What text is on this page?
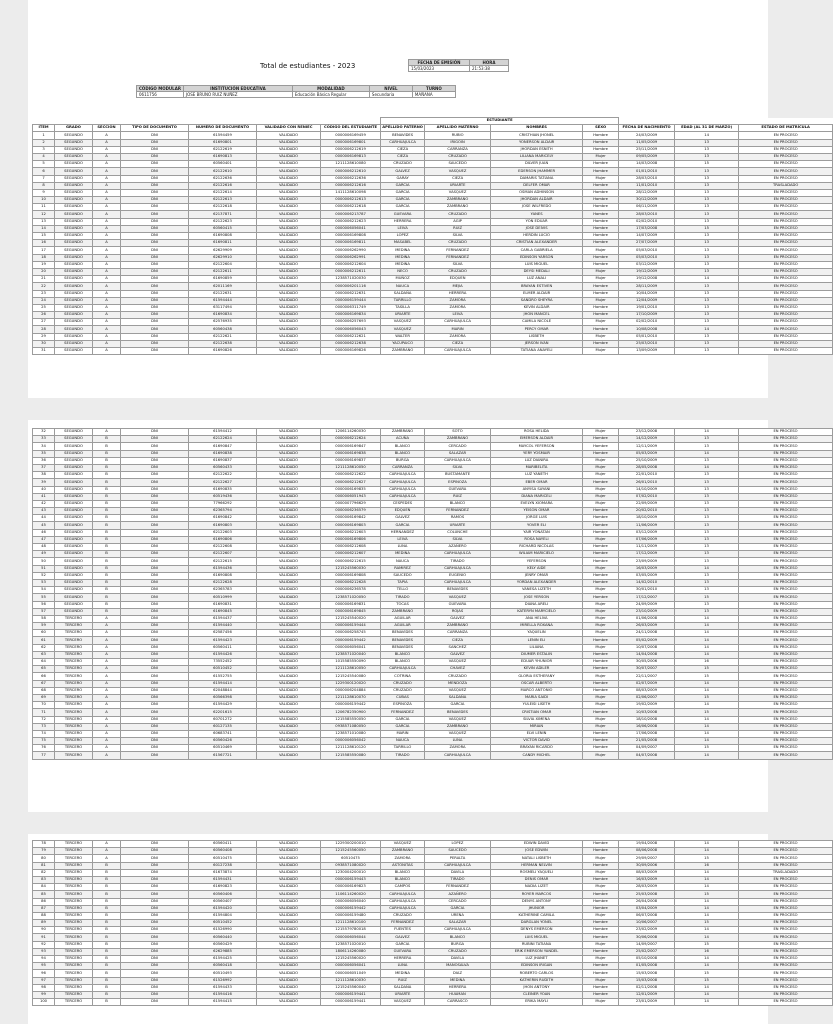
Total de estudiantes - 2023	FECHA DE EMISIÓN	HORA
15/03/2023	21:53:38
CÓDIGO MODULAR	INSTITUCIÓN EDUCATIVA	MODALIDAD	NIVEL	TURNO
0611756	JOSE BRUNO RUIZ NUÑEZ	Educación Básica Regular	Secundaria	MAÑANA
							ESTUDIANTE						
ITEM	GRADO	SECCIÓN	TIPO DE DOCUMENTO	NÚMERO DE DOCUMENTO	VALIDADO CON RENIEC	CÓDIGO DEL ESTUDIANTE	APELLIDO PATERNO	APELLIDO MATERNO	NOMBRES	SEXO	FECHA DE NACIMIENTO	EDAD (AL 31 DE MARZO)	ESTADO DE MATRÍCULA
1	SEGUNDO	A	DNI	61594459	VALIDADO	0000006169459	BENAVIDES	RUBIO	CRISTHIAN JHONEL	Hombre	24/03/2009	14	EN PROCESO
2	SEGUNDO	A	DNI	61690801	VALIDADO	0000006169801	CARHUAJULCA	IRIGOIN	YONERSON ALDAIR	Hombre	11/05/2009	13	EN PROCESO
3	SEGUNDO	A	DNI	62122619	VALIDADO	0000006212619	CIEZA	CARRANZA	JHORDAN ESNITH	Hombre	25/11/2009	13	EN PROCESO
4	SEGUNDO	A	DNI	61690813	VALIDADO	0000006169813	CIEZA	CRUZADO	LILIANA MARICELY	Mujer	09/05/2009	13	EN PROCESO
5	SEGUNDO	A	DNI	60560401	VALIDADO	1211128610080	CRUZADO	SAUCEDO	DILVER JUAN	Hombre	14/03/2008	15	EN PROCESO
6	SEGUNDO	A	DNI	62122610	VALIDADO	0000006212610	GALVEZ	VASQUEZ	EDERSON JHAMMER	Hombre	01/01/2010	13	EN PROCESO
7	SEGUNDO	A	DNI	62122636	VALIDADO	0000006212636	GARAY	CIEZA	DAMARIS TATIANA	Mujer	28/03/2010	13	EN PROCESO
8	SEGUNDO	A	DNI	62122616	VALIDADO	0000006212616	GARCIA	URIARTE	DELFER OMAR	Hombre	11/01/2010	13	TRASLADADO
9	SEGUNDO	A	DNI	62122614	VALIDADO	1411128610098	GARCIA	VASQUEZ	OSMAN ADHINSON	Hombre	28/12/2009	13	EN PROCESO
10	SEGUNDO	A	DNI	62122613	VALIDADO	0000006212613	GARCIA	ZAMBRANO	JHORDAN ALDAIR	Hombre	30/12/2009	13	EN PROCESO
11	SEGUNDO	A	DNI	62122618	VALIDADO	0000006212618	GARCIA	ZAMBRANO	JOSE WILFREDO	Hombre	06/11/2009	13	EN PROCESO
12	SEGUNDO	A	DNI	62137871	VALIDADO	0000006213787	GUEVARA	CRUZADO	YANES	Hombre	28/03/2010	13	EN PROCESO
13	SEGUNDO	A	DNI	62122623	VALIDADO	0000006212623	HERRERA	AGIP	YON EDUAR	Hombre	02/02/2010	13	EN PROCESO
14	SEGUNDO	A	DNI	60560415	VALIDADO	0000006056041	LEIVA	RUIZ	JOSE DEIVIS	Hombre	17/03/2008	15	EN PROCESO
15	SEGUNDO	A	DNI	61690808	VALIDADO	0000006169808	LOPEZ	SILVA	HERDIN LUCIO	Hombre	14/07/2009	13	EN PROCESO
16	SEGUNDO	A	DNI	61690811	VALIDADO	0000006169811	MASABEL	CRUZADO	CRISTIAN ALEXANDER	Hombre	27/07/2009	13	EN PROCESO
17	SEGUNDO	A	DNI	62629909	VALIDADO	0000006262990	MEDINA	FERNANDEZ	CARLA GABRIELA	Mujer	05/03/2010	13	EN PROCESO
18	SEGUNDO	A	DNI	62629910	VALIDADO	0000006262991	MEDINA	FERNANDEZ	EDINSON YARSON	Hombre	05/03/2010	13	EN PROCESO
19	SEGUNDO	A	DNI	62122604	VALIDADO	0000006212604	MEDINA	SILVA	LUIS MIGUEL	Hombre	03/12/2009	13	EN PROCESO
20	SEGUNDO	A	DNI	62122611	VALIDADO	0000006212611	NECO	CRUZADO	DEYSI MEDALI	Mujer	19/12/2009	13	EN PROCESO
21	SEGUNDO	A	DNI	61690859	VALIDADO	1238571020030	MUÑOZ	EDQUEN	LUZ ANALI	Mujer	19/12/2008	14	EN PROCESO
22	SEGUNDO	A	DNI	62011169	VALIDADO	0000006201116	NAUCA	MEJIA	BRAYAN ESTIVEN	Hombre	28/11/2009	13	EN PROCESO
23	SEGUNDO	A	DNI	62122631	VALIDADO	0000006212631	SALDAÑA	HERRERA	ELMER ALDAIR	Hombre	10/04/2009	13	EN PROCESO
24	SEGUNDO	A	DNI	61594444	VALIDADO	0000006159444	TARRILLO	ZAMORA	SANDRO SHEYRA	Mujer	12/04/2009	13	EN PROCESO
25	SEGUNDO	A	DNI	63117494	VALIDADO	0000006311749	TASILLA	ZAMORA	KEVIN ALDAIR	Hombre	19/01/2010	13	EN PROCESO
26	SEGUNDO	A	DNI	61690834	VALIDADO	0000006169834	URIARTE	LEIVA	JHON MANCEL	Hombre	17/10/2009	13	EN PROCESO
27	SEGUNDO	A	DNI	62576935	VALIDADO	0000006257693	VASQUEZ	CARHUAJULCA	CAMILA NICOLE	Mujer	02/02/2010	13	EN PROCESO
28	SEGUNDO	A	DNI	60560438	VALIDADO	0000006056043	VASQUEZ	MARIN	PERCY OMAR	Hombre	10/08/2008	14	EN PROCESO
29	SEGUNDO	A	DNI	62122621	VALIDADO	0000006212621	WALTER	ZAMORA	LISBETH	Mujer	05/01/2010	13	EN PROCESO
30	SEGUNDO	A	DNI	62122638	VALIDADO	0000006212638	YACUPAICO	CIEZA	JERSON IVAN	Hombre	25/03/2010	13	EN PROCESO
31	SEGUNDO	A	DNI	61690826	VALIDADO	0000006169826	ZAMBRANO	CARHUAJULCA	TATIANA ANAYELI	Mujer	13/09/2009	13	EN PROCESO
32	SEGUNDO	A	DNI	61594412	VALIDADO	1206114260030	ZAMBRANO	SOTO	ROSA HELIDA	Mujer	23/12/2008	14	EN PROCESO
33	SEGUNDO	B	DNI	62122624	VALIDADO	0000006212624	ACUÑA	ZAMBRANO	EMERSON ALDAIR	Hombre	14/12/2009	13	EN PROCESO
34	SEGUNDO	B	DNI	61690847	VALIDADO	0000006169847	BLANCO	CERCADO	MAYCOL YEFERSON	Hombre	12/11/2009	13	EN PROCESO
35	SEGUNDO	B	DNI	61690838	VALIDADO	0000006169838	BLANCO	SALAZAR	YERY YOSMAIR	Hombre	05/03/2009	14	EN PROCESO
36	SEGUNDO	B	DNI	61690837	VALIDADO	0000006169837	BURGA	CARHUAJULCA	LUZ DIANIRA	Mujer	25/10/2009	13	EN PROCESO
37	SEGUNDO	B	DNI	60560433	VALIDADO	1211128610050	CARRANZA	SILVA	MARIBELITA	Mujer	28/05/2008	14	EN PROCESO
38	SEGUNDO	B	DNI	62122622	VALIDADO	0000006212622	CARHUAJULCA	BUSTAMANTE	LUZ YANETH	Mujer	22/01/2010	13	EN PROCESO
39	SEGUNDO	B	DNI	62122627	VALIDADO	0000006212627	CARHUAJULCA	ESPINOZA	EBER OMAR	Hombre	26/01/2010	13	EN PROCESO
40	SEGUNDO	B	DNI	61690835	VALIDADO	0000006169835	CARHUAJULCA	GUEVARA	ANYISA SAYANI	Mujer	14/10/2009	13	EN PROCESO
41	SEGUNDO	B	DNI	60519436	VALIDADO	0000006051943	CARHUAJULCA	RUIZ	DIANA MARICELI	Mujer	07/02/2010	13	EN PROCESO
42	SEGUNDO	B	DNI	77966292	VALIDADO	0000007796629	CESPEDES	BLANCO	EVELYN XIOMARA	Mujer	22/09/2009	13	EN PROCESO
43	SEGUNDO	B	DNI	62365794	VALIDADO	0000006236579	EDQUEN	FERNANDEZ	YEISON OMAR	Hombre	20/02/2010	13	EN PROCESO
44	SEGUNDO	B	DNI	61690842	VALIDADO	0000006169842	GALVEZ	RAMOS	JORGE LUIS	Hombre	18/10/2009	13	EN PROCESO
45	SEGUNDO	B	DNI	61690803	VALIDADO	0000006169803	GARCIA	URIARTE	YOVER ELI	Hombre	11/06/2009	13	EN PROCESO
46	SEGUNDO	B	DNI	62122603	VALIDADO	0000006212603	HERNANDEZ	COLUNCHE	YAIR YONATAN	Hombre	03/12/2009	13	EN PROCESO
47	SEGUNDO	B	DNI	61690806	VALIDADO	0000006169806	LEIVA	SILVA	ROSA NAYELI	Mujer	07/06/2009	13	EN PROCESO
48	SEGUNDO	B	DNI	62122608	VALIDADO	0000006212608	LUNA	AZAÑERO	RICHARD NICOLAS	Hombre	11/11/2009	13	EN PROCESO
49	SEGUNDO	B	DNI	62122607	VALIDADO	0000006212607	MEDINA	CARHUAJULCA	WILIAM MARICIELO	Hombre	17/12/2009	13	EN PROCESO
50	SEGUNDO	B	DNI	62122615	VALIDADO	0000006212615	NAUCA	TIRADO	YEFERSON	Hombre	23/09/2009	13	EN PROCESO
51	SEGUNDO	B	DNI	61594436	VALIDADO	1215245560030	RAMIREZ	CARHUAJULCA	KELY AIDE	Mujer	16/03/2009	14	EN PROCESO
52	SEGUNDO	B	DNI	61690808	VALIDADO	0000006169808	SAUCEDO	EUGENIO	JENRY OMAR	Hombre	03/05/2009	13	EN PROCESO
53	SEGUNDO	B	DNI	62122628	VALIDADO	0000006212628	TAPIA	CARHUAJULCA	YORDAN ALEXANDER	Hombre	14/02/2010	13	EN PROCESO
54	SEGUNDO	B	DNI	62365783	VALIDADO	0000006236578	TELLO	BENAVIDES	VANESA LIZETH	Mujer	30/01/2010	13	EN PROCESO
55	SEGUNDO	B	DNI	60510999	VALIDADO	1238571020050	TIRADO	VASQUEZ	JOSE YERSON	Hombre	17/12/2007	15	EN PROCESO
56	SEGUNDO	B	DNI	61690831	VALIDADO	0000006169831	TOCAS	GUEVARA	DIANA ARELI	Mujer	24/09/2009	13	EN PROCESO
57	SEGUNDO	B	DNI	61690845	VALIDADO	0000006169845	ZAMBRANO	ROJAS	KATERYN MARYCIELO	Mujer	23/10/2009	13	EN PROCESO
58	TERCERO	A	DNI	61594437	VALIDADO	1215245540020	AGUILAR	GALVEZ	ANA HELIVA	Mujer	01/06/2008	14	EN PROCESO
59	TERCERO	A	DNI	61594440	VALIDADO	0000006159444	AGUILAR	ZAMBRANO	MIRELLA ROXANA	Mujer	26/03/2009	14	EN PROCESO
60	TERCERO	A	DNI	62587456	VALIDADO	0000006258745	BENAVIDES	CARRANZA	YAQUELIN	Mujer	24/11/2008	14	EN PROCESO
61	TERCERO	A	DNI	61594423	VALIDADO	0000006159442	BENAVIDES	CIEZA	LENIN ELI	Hombre	05/02/2009	14	EN PROCESO
62	TERCERO	A	DNI	60560411	VALIDADO	0000006056041	BENAVIDES	SANCHEZ	LILIANA	Mujer	10/07/2008	14	EN PROCESO
63	TERCERO	A	DNI	61594426	VALIDADO	1238571020040	BLANCO	GALVEZ	DIUMER ESTALIN	Hombre	14/04/2008	14	EN PROCESO
64	TERCERO	A	DNI	73552452	VALIDADO	1015585550090	BLANCO	VASQUEZ	EDUAR YHUNIOR	Hombre	30/05/2006	16	EN PROCESO
65	TERCERO	A	DNI	60510452	VALIDADO	1211128610050	CARHUAJULCA	CHAVEZ	KEVIN ADILER	Hombre	30/07/2007	15	EN PROCESO
66	TERCERO	A	DNI	61552755	VALIDADO	1215245540080	COTRINA	CRUZADO	GLORIA ESTHEFANY	Mujer	22/11/2007	15	EN PROCESO
67	TERCERO	A	DNI	61594414	VALIDADO	1229300120020	CRUZADO	MENDOZA	OSCAR ALBERTO	Hombre	02/07/2009	14	EN PROCESO
68	TERCERO	A	DNI	62048844	VALIDADO	0000006204884	CRUZADO	VASQUEZ	MARCO ANTONIO	Hombre	08/03/2009	14	EN PROCESO
69	TERCERO	A	DNI	60566398	VALIDADO	1211128610070	CUBAS	SALDAÑA	MARIA SAIDI	Mujer	02/06/2007	15	EN PROCESO
70	TERCERO	A	DNI	61594429	VALIDADO	0000006159442	ESPINOZA	GARCIA	YULEISI LISETH	Mujer	19/02/2009	14	EN PROCESO
71	TERCERO	A	DNI	62201615	VALIDADO	1206782350900	FERNANDEZ	BENAVIDES	CRISTIAN OMAR	Hombre	10/03/2008	15	EN PROCESO
72	TERCERO	A	DNI	60701272	VALIDADO	1215585550050	GARCIA	VASQUEZ	SILVIA XIMENA	Mujer	18/10/2008	14	EN PROCESO
73	TERCERO	A	DNI	60127135	VALIDADO	0938571080050	GARCIA	ZAMBRANO	MIRIAN	Mujer	16/06/2008	14	EN PROCESO
74	TERCERO	A	DNI	60683741	VALIDADO	1238571010080	MARIN	VASQUEZ	ELVI LENIN	Hombre	17/06/2008	14	EN PROCESO
75	TERCERO	A	DNI	60560426	VALIDADO	0000006056042	NAUCA	LUNA	VICTOR DAVID	Hombre	21/05/2008	14	EN PROCESO
76	TERCERO	A	DNI	60510469	VALIDADO	1211128610120	TARRILLO	ZAMORA	BRAYAN RICARDO	Hombre	04/09/2007	15	EN PROCESO
77	TERCERO	A	DNI	61567721	VALIDADO	1215585550080	TIRADO	CARHUAJULCA	CANDY MICHEL	Mujer	04/07/2008	14	EN PROCESO
78	TERCERO	A	DNI	60560411	VALIDADO	1229300200010	VASQUEZ	LOPEZ	EDWIN DAVID	Hombre	19/04/2008	14	EN PROCESO
79	TERCERO	A	DNI	60560408	VALIDADO	1215245560050	ZAMBRANO	SAUCEDO	JOSE EDWIN	Hombre	08/06/2008	14	EN PROCESO
80	TERCERO	A	DNI	60510475	VALIDADO	60510475	ZAMORA	PERALTA	NATALI LISBETH	Mujer	29/09/2007	15	EN PROCESO
81	TERCERO	B	DNI	60127238	VALIDADO	0938571080020	ASTONITAS	CARHUAJULCA	HERMAN NELVIN	Hombre	30/09/2006	16	EN PROCESO
82	TERCERO	B	DNI	61673874	VALIDADO	1230004200010	BLANCO	DAVILA	ROSMELI YAQUELI	Mujer	08/03/2009	14	TRASLADADO
83	TERCERO	B	DNI	61594431	VALIDADO	0000006159443	BLANCO	TIRADO	DENIS OMAR	Hombre	16/03/2009	14	EN PROCESO
84	TERCERO	B	DNI	61690823	VALIDADO	0000006169823	CAMPOS	FERNANDEZ	NADIA LIZET	Mujer	28/03/2009	14	EN PROCESO
85	TERCERO	B	DNI	60560406	VALIDADO	1106114260020	CARHUAJULCA	AZAÑERO	ROYER MARCOS	Hombre	25/03/2008	15	EN PROCESO
86	TERCERO	B	DNI	60560407	VALIDADO	0000006056040	CARHUAJULCA	CERCADO	DENYS ANTONY	Hombre	26/04/2008	14	EN PROCESO
87	TERCERO	B	DNI	61594420	VALIDADO	0000006159442	CARHUAJULCA	GARCIA	JHUNIOR	Hombre	03/04/2009	14	EN PROCESO
88	TERCERO	B	DNI	61594804	VALIDADO	0000006159480	CRUZADO	URENA	KATHERINE CAMILA	Mujer	06/07/2008	14	EN PROCESO
89	TERCERO	B	DNI	60510452	VALIDADO	1211128610100	FERNANDEZ	SALAZAR	DARGLAN YONEL	Hombre	10/06/2007	15	EN PROCESO
90	TERCERO	B	DNI	61526990	VALIDADO	1215579780018	FUENTES	CARHUAJULCA	DENYS EMERSON	Hombre	23/02/2009	14	EN PROCESO
91	TERCERO	B	DNI	60560440	VALIDADO	0000006056044	GALVEZ	BLANCO	LUIS MIGUEL	Hombre	30/06/2008	14	EN PROCESO
92	TERCERO	B	DNI	60560429	VALIDADO	1238571020010	GARCIA	BURGA	RUBINI TATIANA	Mujer	14/09/2007	15	EN PROCESO
93	TERCERO	B	DNI	62629885	VALIDADO	1806114260080	GUEVARA	CRUZADO	ERIK EMERSON YANDEL	Hombre	25/02/2007	16	EN PROCESO
94	TERCERO	B	DNI	61594425	VALIDADO	1215245560020	HERRERA	DAVILA	LUZ JHANET	Mujer	05/10/2008	14	EN PROCESO
95	TERCERO	B	DNI	60560418	VALIDADO	0000006056041	LUNA	MANOSALVA	EDINSON IRIGAN	Hombre	01/05/2008	14	EN PROCESO
96	TERCERO	B	DNI	60510493	VALIDADO	0000006051049	MEDINA	DIAZ	ROBERTO CARLOS	Hombre	15/03/2008	15	EN PROCESO
97	TERCERO	B	DNI	61526992	VALIDADO	1211128610030	RUIZ	MEDINA	KATHERIN RUDITH	Mujer	15/03/2008	15	EN PROCESO
98	TERCERO	B	DNI	61594433	VALIDADO	1215245560040	SALDAÑA	HERRERA	JHON ANTONY	Hombre	02/11/2008	14	EN PROCESO
99	TERCERO	B	DNI	61594416	VALIDADO	0000006159441	URIARTE	HUAMAN	CLEINER YOAN	Hombre	12/01/2009	14	EN PROCESO
100	TERCERO	B	DNI	61594415	VALIDADO	0000006159441	VASQUEZ	CARRASCO	ERIKA MAYLI	Mujer	23/01/2009	14	EN PROCESO
